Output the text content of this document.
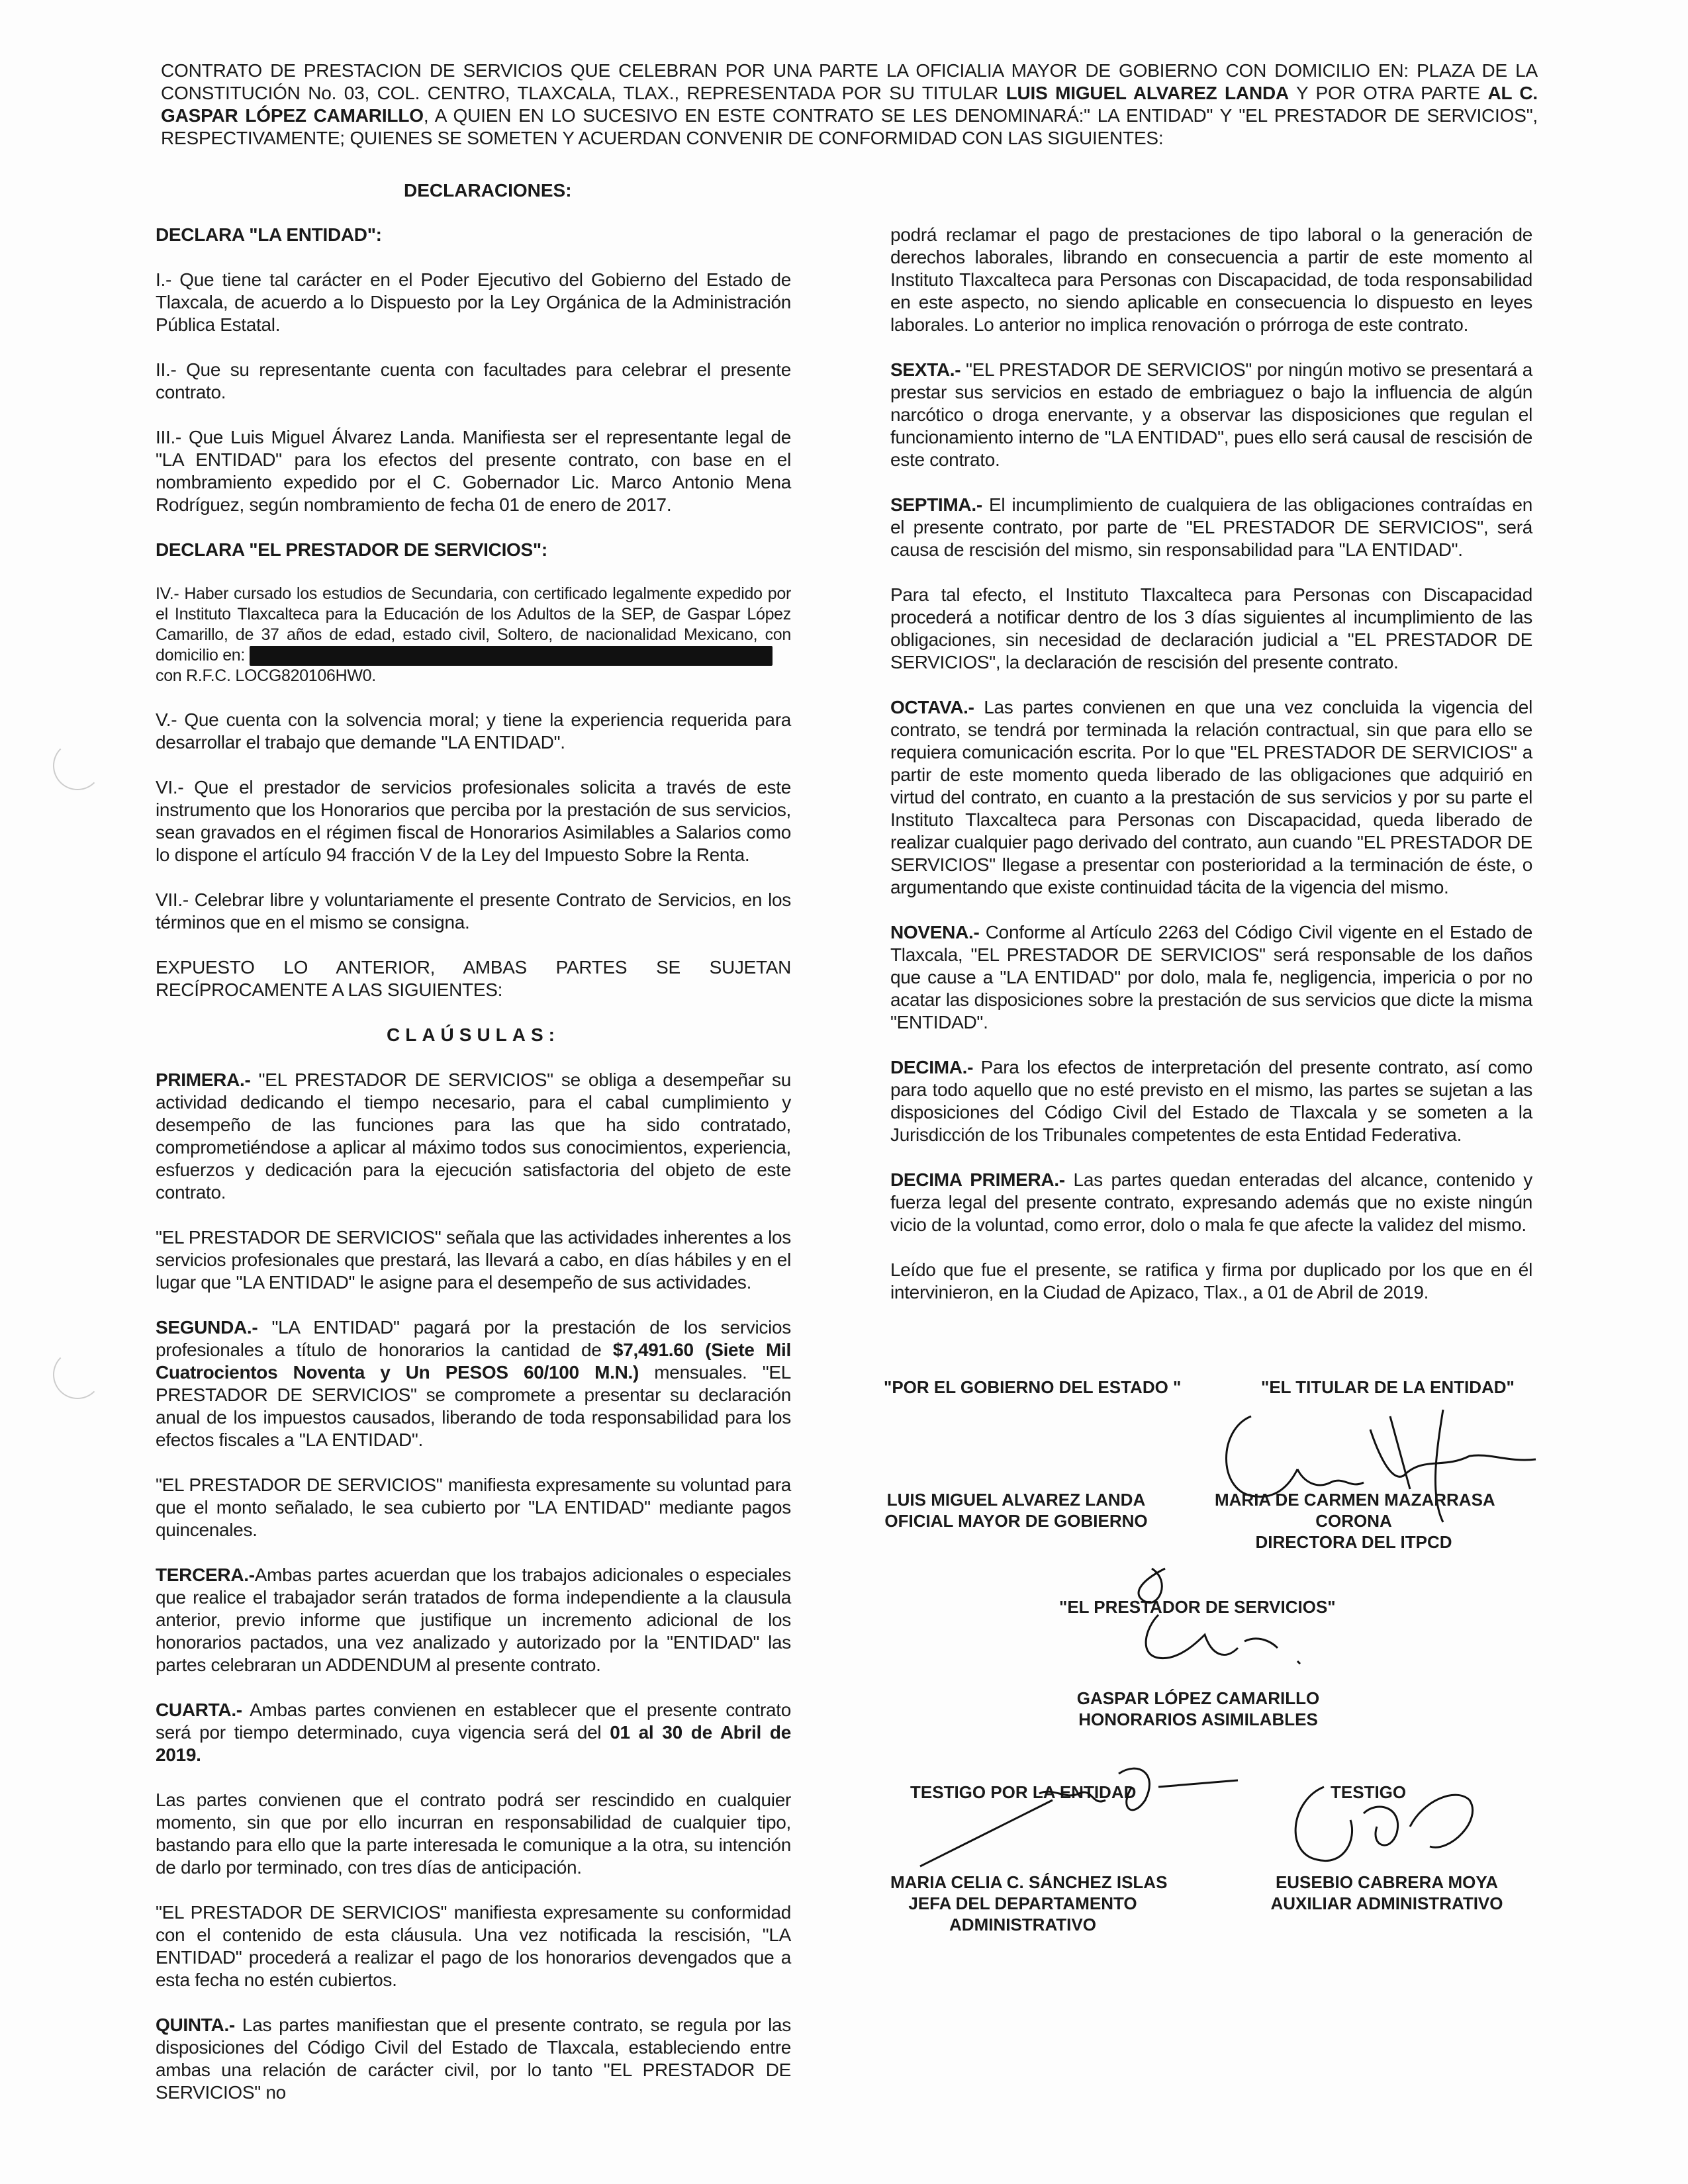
CONTRATO DE PRESTACION DE SERVICIOS QUE CELEBRAN POR UNA PARTE LA OFICIALIA MAYOR DE GOBIERNO CON DOMICILIO EN: PLAZA DE LA CONSTITUCIÓN No. 03, COL. CENTRO, TLAXCALA, TLAX., REPRESENTADA POR SU TITULAR LUIS MIGUEL ALVAREZ LANDA Y POR OTRA PARTE AL C. GASPAR LÓPEZ CAMARILLO, A QUIEN EN LO SUCESIVO EN ESTE CONTRATO SE LES DENOMINARÁ:" LA ENTIDAD" Y "EL PRESTADOR DE SERVICIOS", RESPECTIVAMENTE; QUIENES SE SOMETEN Y ACUERDAN CONVENIR DE CONFORMIDAD CON LAS SIGUIENTES:
DECLARACIONES:
DECLARA "LA ENTIDAD":

I.- Que tiene tal carácter en el Poder Ejecutivo del Gobierno del Estado de Tlaxcala, de acuerdo a lo Dispuesto por la Ley Orgánica de la Administración Pública Estatal.

II.- Que su representante cuenta con facultades para celebrar el presente contrato.

III.- Que Luis Miguel Álvarez Landa. Manifiesta ser el representante legal de "LA ENTIDAD" para los efectos del presente contrato, con base en el nombramiento expedido por el C. Gobernador Lic. Marco Antonio Mena Rodríguez, según nombramiento de fecha 01 de enero de 2017.

DECLARA "EL PRESTADOR DE SERVICIOS":

IV.- Haber cursado los estudios de Secundaria, con certificado legalmente expedido por el Instituto Tlaxcalteca para la Educación de los Adultos de la SEP, de Gaspar López Camarillo, de 37 años de edad, estado civil, Soltero, de nacionalidad Mexicano, con domicilio en:
con R.F.C. LOCG820106HW0.

V.- Que cuenta con la solvencia moral; y tiene la experiencia requerida para desarrollar el trabajo que demande "LA ENTIDAD".

VI.- Que el prestador de servicios profesionales solicita a través de este instrumento que los Honorarios que perciba por la prestación de sus servicios, sean gravados en el régimen fiscal de Honorarios Asimilables a Salarios como lo dispone el artículo 94 fracción V de la Ley del Impuesto Sobre la Renta.

VII.- Celebrar libre y voluntariamente el presente Contrato de Servicios, en los términos que en el mismo se consigna.

EXPUESTO LO ANTERIOR, AMBAS PARTES SE SUJETAN RECÍPROCAMENTE A LAS SIGUIENTES:

CLAÚSULAS:

PRIMERA.- "EL PRESTADOR DE SERVICIOS" se obliga a desempeñar su actividad dedicando el tiempo necesario, para el cabal cumplimiento y desempeño de las funciones para las que ha sido contratado, comprometiéndose a aplicar al máximo todos sus conocimientos, experiencia, esfuerzos y dedicación para la ejecución satisfactoria del objeto de este contrato.

"EL PRESTADOR DE SERVICIOS" señala que las actividades inherentes a los servicios profesionales que prestará, las llevará a cabo, en días hábiles y en el lugar que "LA ENTIDAD" le asigne para el desempeño de sus actividades.

SEGUNDA.- "LA ENTIDAD" pagará por la prestación de los servicios profesionales a título de honorarios la cantidad de $7,491.60 (Siete Mil Cuatrocientos Noventa y Un PESOS 60/100 M.N.) mensuales. "EL PRESTADOR DE SERVICIOS" se compromete a presentar su declaración anual de los impuestos causados, liberando de toda responsabilidad para los efectos fiscales a "LA ENTIDAD".

"EL PRESTADOR DE SERVICIOS" manifiesta expresamente su voluntad para que el monto señalado, le sea cubierto por "LA ENTIDAD" mediante pagos quincenales.

TERCERA.-Ambas partes acuerdan que los trabajos adicionales o especiales que realice el trabajador serán tratados de forma independiente a la clausula anterior, previo informe que justifique un incremento adicional de los honorarios pactados, una vez analizado y autorizado por la "ENTIDAD" las partes celebraran un ADDENDUM al presente contrato.

CUARTA.- Ambas partes convienen en establecer que el presente contrato será por tiempo determinado, cuya vigencia será del 01 al 30 de Abril de 2019.

Las partes convienen que el contrato podrá ser rescindido en cualquier momento, sin que por ello incurran en responsabilidad de cualquier tipo, bastando para ello que la parte interesada le comunique a la otra, su intención de darlo por terminado, con tres días de anticipación.

"EL PRESTADOR DE SERVICIOS" manifiesta expresamente su conformidad con el contenido de esta cláusula. Una vez notificada la rescisión, "LA ENTIDAD" procederá a realizar el pago de los honorarios devengados que a esta fecha no estén cubiertos.

QUINTA.- Las partes manifiestan que el presente contrato, se regula por las disposiciones del Código Civil del Estado de Tlaxcala, estableciendo entre ambas una relación de carácter civil, por lo tanto "EL PRESTADOR DE SERVICIOS" no

podrá reclamar el pago de prestaciones de tipo laboral o la generación de derechos laborales, librando en consecuencia a partir de este momento al Instituto Tlaxcalteca para Personas con Discapacidad, de toda responsabilidad en este aspecto, no siendo aplicable en consecuencia lo dispuesto en leyes laborales. Lo anterior no implica renovación o prórroga de este contrato.

SEXTA.- "EL PRESTADOR DE SERVICIOS" por ningún motivo se presentará a prestar sus servicios en estado de embriaguez o bajo la influencia de algún narcótico o droga enervante, y a observar las disposiciones que regulan el funcionamiento interno de "LA ENTIDAD", pues ello será causal de rescisión de este contrato.

SEPTIMA.- El incumplimiento de cualquiera de las obligaciones contraídas en el presente contrato, por parte de "EL PRESTADOR DE SERVICIOS", será causa de rescisión del mismo, sin responsabilidad para "LA ENTIDAD".

Para tal efecto, el Instituto Tlaxcalteca para Personas con Discapacidad procederá a notificar dentro de los 3 días siguientes al incumplimiento de las obligaciones, sin necesidad de declaración judicial a "EL PRESTADOR DE SERVICIOS", la declaración de rescisión del presente contrato.

OCTAVA.- Las partes convienen en que una vez concluida la vigencia del contrato, se tendrá por terminada la relación contractual, sin que para ello se requiera comunicación escrita. Por lo que "EL PRESTADOR DE SERVICIOS" a partir de este momento queda liberado de las obligaciones que adquirió en virtud del contrato, en cuanto a la prestación de sus servicios y por su parte el Instituto Tlaxcalteca para Personas con Discapacidad, queda liberado de realizar cualquier pago derivado del contrato, aun cuando "EL PRESTADOR DE SERVICIOS" llegase a presentar con posterioridad a la terminación de éste, o argumentando que existe continuidad tácita de la vigencia del mismo.

NOVENA.- Conforme al Artículo 2263 del Código Civil vigente en el Estado de Tlaxcala, "EL PRESTADOR DE SERVICIOS" será responsable de los daños que cause a "LA ENTIDAD" por dolo, mala fe, negligencia, impericia o por no acatar las disposiciones sobre la prestación de sus servicios que dicte la misma "ENTIDAD".

DECIMA.- Para los efectos de interpretación del presente contrato, así como para todo aquello que no esté previsto en el mismo, las partes se sujetan a las disposiciones del Código Civil del Estado de Tlaxcala y se someten a la Jurisdicción de los Tribunales competentes de esta Entidad Federativa.

DECIMA PRIMERA.- Las partes quedan enteradas del alcance, contenido y fuerza legal del presente contrato, expresando además que no existe ningún vicio de la voluntad, como error, dolo o mala fe que afecte la validez del mismo.

Leído que fue el presente, se ratifica y firma por duplicado por los que en él intervinieron, en la Ciudad de Apizaco, Tlax., a 01 de Abril de 2019.

"POR EL GOBIERNO DEL ESTADO "	"EL TITULAR DE LA ENTIDAD"
LUIS MIGUEL ALVAREZ LANDA
OFICIAL MAYOR DE GOBIERNO
MARIA DE CARMEN MAZARRASA
CORONA
DIRECTORA DEL ITPCD
"EL PRESTADOR DE SERVICIOS"
GASPAR LÓPEZ CAMARILLO
HONORARIOS ASIMILABLES
TESTIGO POR LA ENTIDAD	TESTIGO
MARIA CELIA C. SÁNCHEZ ISLAS
JEFA DEL DEPARTAMENTO
ADMINISTRATIVO
EUSEBIO CABRERA MOYA
AUXILIAR ADMINISTRATIVO
